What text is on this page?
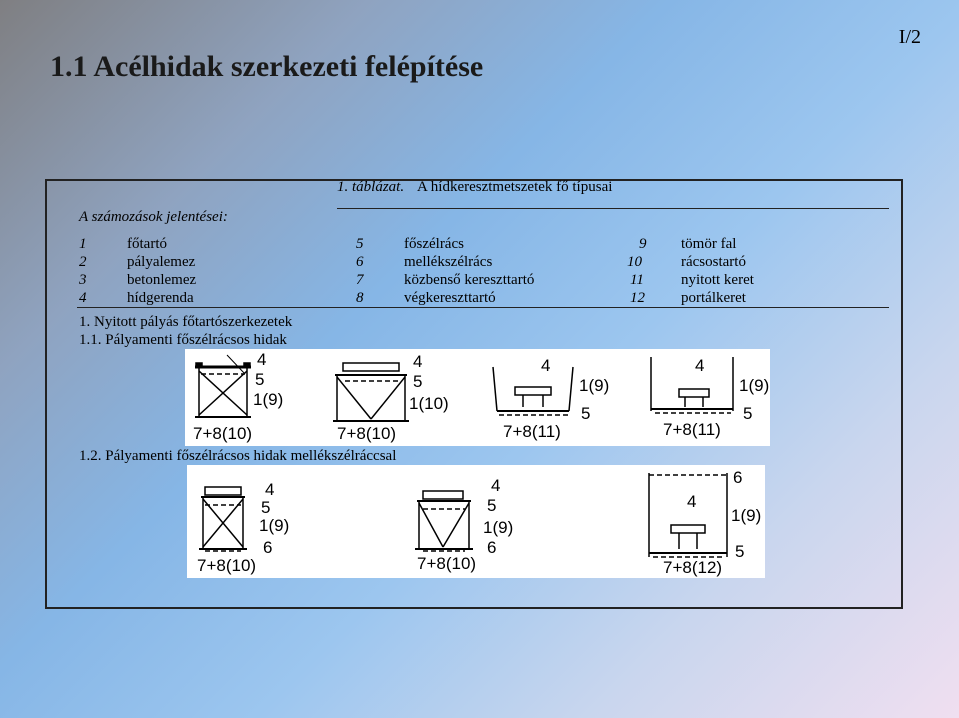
I/2
1.1 Acélhidak szerkezeti felépítése
1. táblázat. A hídkeresztmetszetek fő típusai
A számozások jelentései:
1	főtartó	5	főszélrács	9 tömör fal
2	pályalemez	6	mellékszélrács	10	rácsostartó
3	betonlemez	7	közbenső kereszttartó	11 nyitott keret
4	hídgerenda	8	végkereszttartó	12 portálkeret
1. Nyitott pályás főtartószerkezetek
1.1. Pályamenti főszélrácsos hidak
1.2. Pályamenti főszélrácsos hidak mellékszélráccsal
4
5
1(9)
7+8(10)
4
5
1(10)
7+8(10)
4
1(9)
5
7+8(11)
4
1(9)
5
7+8(11)
4
5
1(9)
6
7+8(10)
4
5
1(9)
6
7+8(10)
6
4
1(9)
5
7+8(12)
